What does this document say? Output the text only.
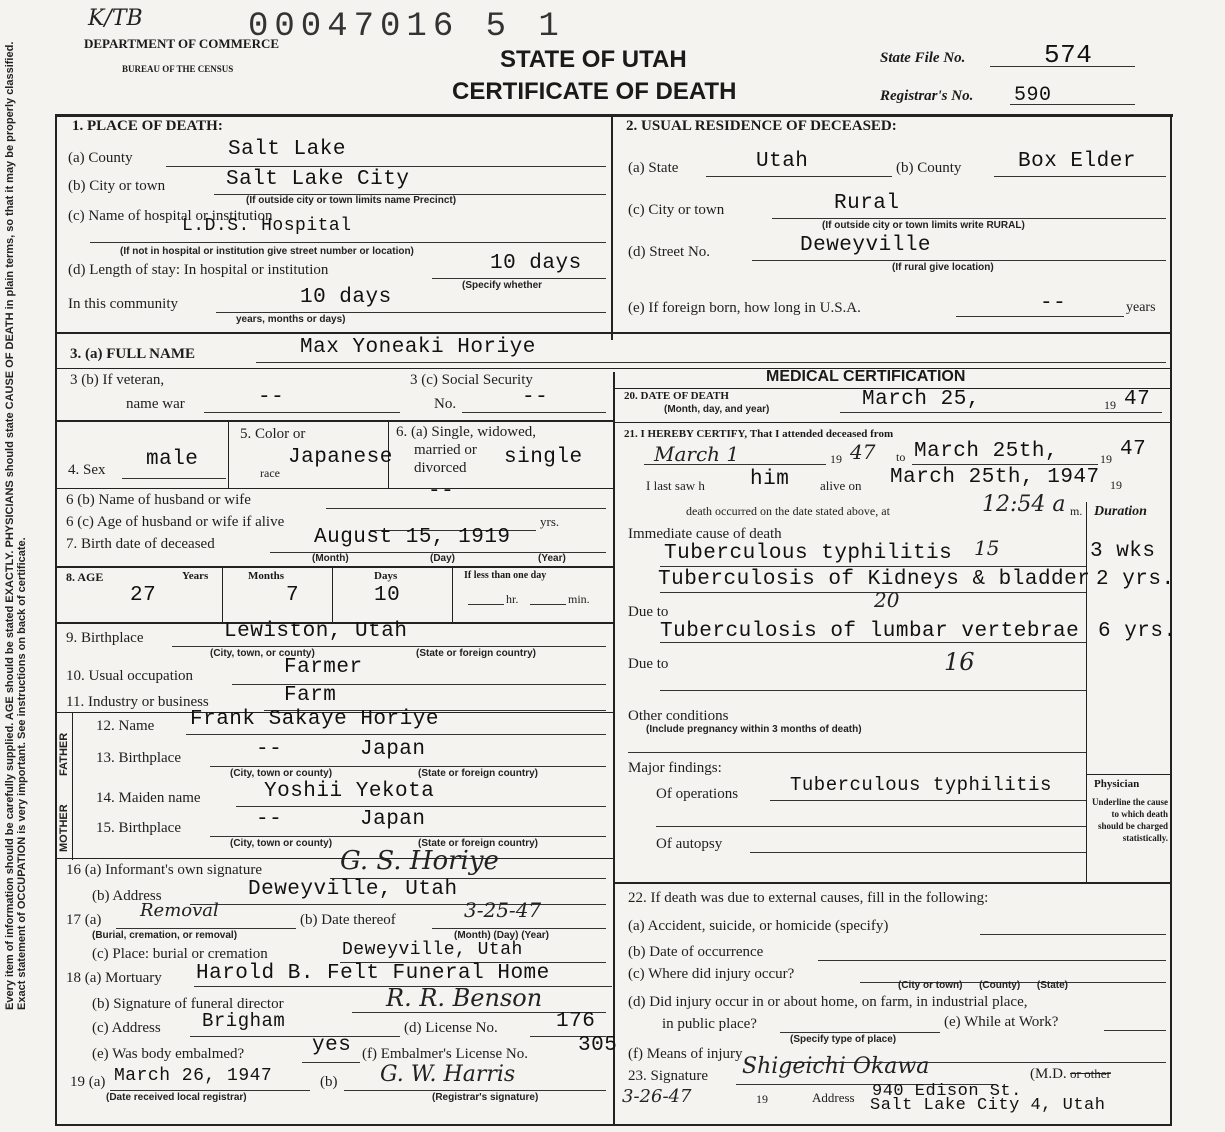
Every item of information should be carefully supplied. AGE should be stated EXACTLY. PHYSICIANS should state CAUSE OF DEATH in plain terms, so that it may be properly classified. Exact statement of OCCUPATION is very important. See instructions on back of certificate.
K/TB	00047016 5 1
DEPARTMENT OF COMMERCE
BUREAU OF THE CENSUS	STATE OF UTAH
CERTIFICATE OF DEATH
State File No.	574
Registrar's No. 590
1. PLACE OF DEATH:
(a) County	Salt Lake
(b) City or town	Salt Lake City
(If outside city or town limits name Precinct)
(c) Name of hospital or institution
L.D.S. Hospital
(If not in hospital or institution give street number or location)
(d) Length of stay: In hospital or institution	10 days
(Specify whether
In this community	10 days
years, months or days)
2. USUAL RESIDENCE OF DECEASED:
(a) State	Utah	(b) County	Box Elder
(c) City or town	Rural
(If outside city or town limits write RURAL)
(d) Street No.	Deweyville
(If rural give location)
(e) If foreign born, how long in U.S.A.	--	years
3. (a) FULL NAME	Max Yoneaki Horiye
3 (b) If veteran,
name war	--
3 (c) Social Security
No.	--
MEDICAL CERTIFICATION
20. DATE OF DEATH
(Month, day, and year)	March 25,	19 47
4. Sex male
5. Color or
race
Japanese
6. (a) Single, widowed,
married or
divorced single
21. I HEREBY CERTIFY, That I attended deceased from
March 1	19 47 to March 25th,	19 47
I last saw h him alive on March 25th, 1947 19
death occurred on the date stated above, at	12:54 a m. Duration
Immediate cause of death
Tuberculous typhilitis 15	3 wks
Tuberculosis of Kidneys & bladder 2 yrs.
20
Due to
Tuberculosis of lumbar vertebrae 6 yrs.
16
Due to
Other conditions
(Include pregnancy within 3 months of death)
Major findings:
Of operations	Tuberculous typhilitis
Of autopsy
Physician
Underline the cause to which death should be charged statistically.
6 (b) Name of husband or wife	--
6 (c) Age of husband or wife if alive	yrs.
7. Birth date of deceased	August 15, 1919
(Month)	(Day)	(Year)
8. AGE	Years	Months	Days	If less than one day
27	7	10	hr.	min.
9. Birthplace	Lewiston, Utah
(City, town, or county)	(State or foreign country)
10. Usual occupation	Farmer
11. Industry or business	Farm
FATHER
MOTHER
12. Name Frank Sakaye Horiye
13. Birthplace	--	Japan
(City, town or county)	(State or foreign country)
14. Maiden name	Yoshii Yekota
15. Birthplace	--	Japan
(City, town or county)	(State or foreign country)
16 (a) Informant's own signature	G. S. Horiye
(b) Address	Deweyville, Utah
17 (a) Removal
(Burial, cremation, or removal)
(b) Date thereof	3-25-47
(Month) (Day) (Year)
(c) Place: burial or cremation	Deweyville, Utah
18 (a) Mortuary Harold B. Felt Funeral Home
(b) Signature of funeral director	R. R. Benson
(c) Address Brigham	(d) License No.	176
(e) Was body embalmed?	yes (f) Embalmer's License No. 305
19 (a) March 26, 1947
(Date received local registrar)
(b) G. W. Harris
(Registrar's signature)
22. If death was due to external causes, fill in the following:
(a) Accident, suicide, or homicide (specify)
(b) Date of occurrence
(c) Where did injury occur?
(City or town)      (County)      (State)
(d) Did injury occur in or about home, on farm, in industrial place,
in public place?
(Specify type of place)
(e) While at Work?
(f) Means of injury
23. Signature Shigeichi Okawa	(M.D. or other
3-26-47	19	Address 940 Edison St.
Salt Lake City 4, Utah
